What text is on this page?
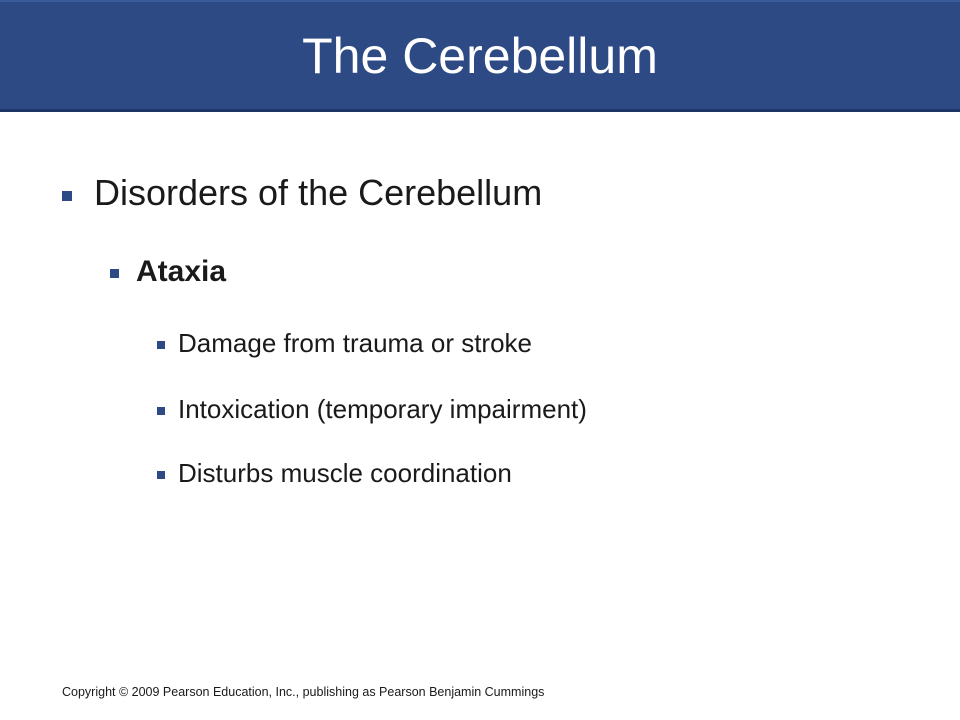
The Cerebellum
Disorders of the Cerebellum
Ataxia
Damage from trauma or stroke
Intoxication (temporary impairment)
Disturbs muscle coordination
Copyright © 2009 Pearson Education, Inc., publishing as Pearson Benjamin Cummings
